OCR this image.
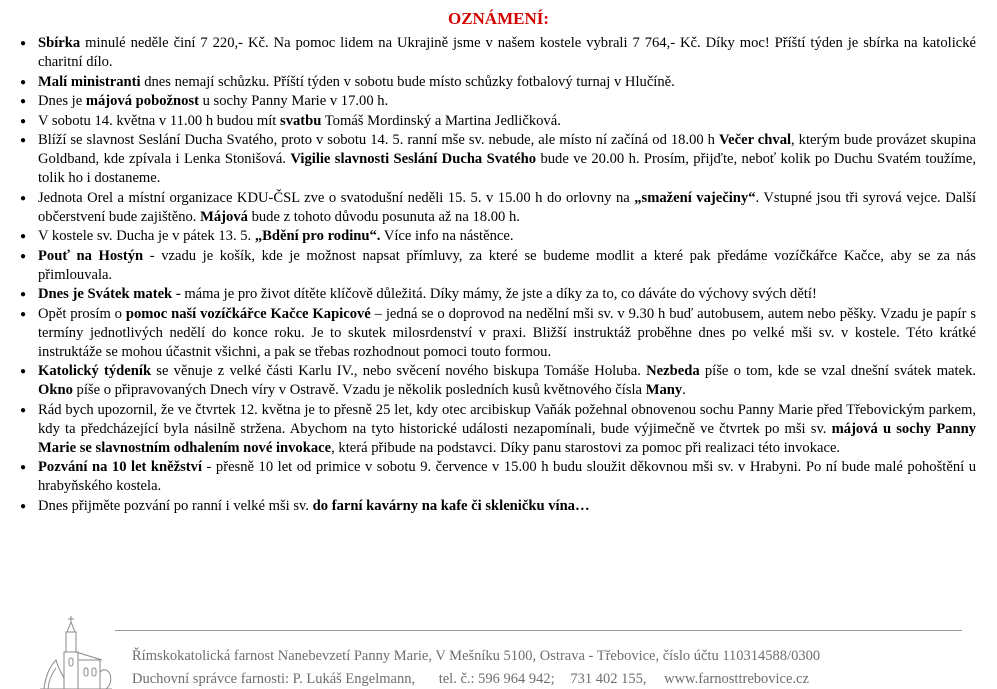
OZNÁMENÍ:
● Sbírka minulé neděle činí 7 220,- Kč. Na pomoc lidem na Ukrajině jsme v našem kostele vybrali 7 764,- Kč. Díky moc! Příští týden je sbírka na katolické charitní dílo.
● Malí ministranti dnes nemají schůzku. Příští týden v sobotu bude místo schůzky fotbalový turnaj v Hlučíně.
● Dnes je májová pobožnost u sochy Panny Marie v 17.00 h.
● V sobotu 14. května v 11.00 h budou mít svatbu Tomáš Mordinský a Martina Jedličková.
● Blíží se slavnost Seslání Ducha Svatého, proto v sobotu 14. 5. ranní mše sv. nebude, ale místo ní začíná od 18.00 h Večer chval, kterým bude provázet skupina Goldband, kde zpívala i Lenka Stonišová. Vigilie slavnosti Seslání Ducha Svatého bude ve 20.00 h. Prosím, přijďte, neboť kolik po Duchu Svatém toužíme, tolik ho i dostaneme.
● Jednota Orel a místní organizace KDU-ČSL zve o svatodušní neděli 15. 5. v 15.00 h do orlovny na „smažení vaječiny“. Vstupné jsou tři syrová vejce. Další občerstvení bude zajištěno. Májová bude z tohoto důvodu posunuta až na 18.00 h.
● V kostele sv. Ducha je v pátek 13. 5. „Bdění pro rodinu“. Více info na nástěnce.
● Pouť na Hostýn - vzadu je košík, kde je možnost napsat přímluvy, za které se budeme modlit a které pak předáme vozíčkářce Kačce, aby se za nás přimlouvala.
● Dnes je Svátek matek - máma je pro život dítěte klíčově důležitá. Díky mámy, že jste a díky za to, co dáváte do výchovy svých dětí!
● Opět prosím o pomoc naší vozíčkářce Kačce Kapicové – jedná se o doprovod na nedělní mši sv. v 9.30 h buď autobusem, autem nebo pěšky. Vzadu je papír s termíny jednotlivých nedělí do konce roku. Je to skutek milosrdenství v praxi. Bližší instruktáž proběhne dnes po velké mši sv. v kostele. Této krátké instruktáže se mohou účastnit všichni, a pak se třebas rozhodnout pomoci touto formou.
● Katolický týdeník se věnuje z velké části Karlu IV., nebo svěcení nového biskupa Tomáše Holuba. Nezbeda píše o tom, kde se vzal dnešní svátek matek. Okno píše o připravovaných Dnech víry v Ostravě. Vzadu je několik posledních kusů květnového čísla Many.
● Rád bych upozornil, že ve čtvrtek 12. května je to přesně 25 let, kdy otec arcibiskup Vaňák požehnal obnovenou sochu Panny Marie před Třebovickým parkem, kdy ta předcházející byla násilně stržena. Abychom na tyto historické události nezapomínali, bude výjimečně ve čtvrtek po mši sv. májová u sochy Panny Marie se slavnostním odhalením nové invokace, která přibude na podstavci. Díky panu starostovi za pomoc při realizaci této invokace.
● Pozvání na 10 let kněžství - přesně 10 let od primice v sobotu 9. července v 15.00 h budu sloužit děkovnou mši sv. v Hrabyni. Po ní bude malé pohoštění u hrabyňského kostela.
● Dnes přijměte pozvání po ranní i velké mši sv. do farní kavárny na kafe či skleničku vína…
Římskokatolická farnost Nanebevzetí Panny Marie, V Mešníku 5100, Ostrava - Třebovice, číslo účtu 110314588/0300
Duchovní správce farnosti: P. Lukáš Engelmann, tel. č.: 596 964 942; 731 402 155, www.farnosttrebovice.cz
